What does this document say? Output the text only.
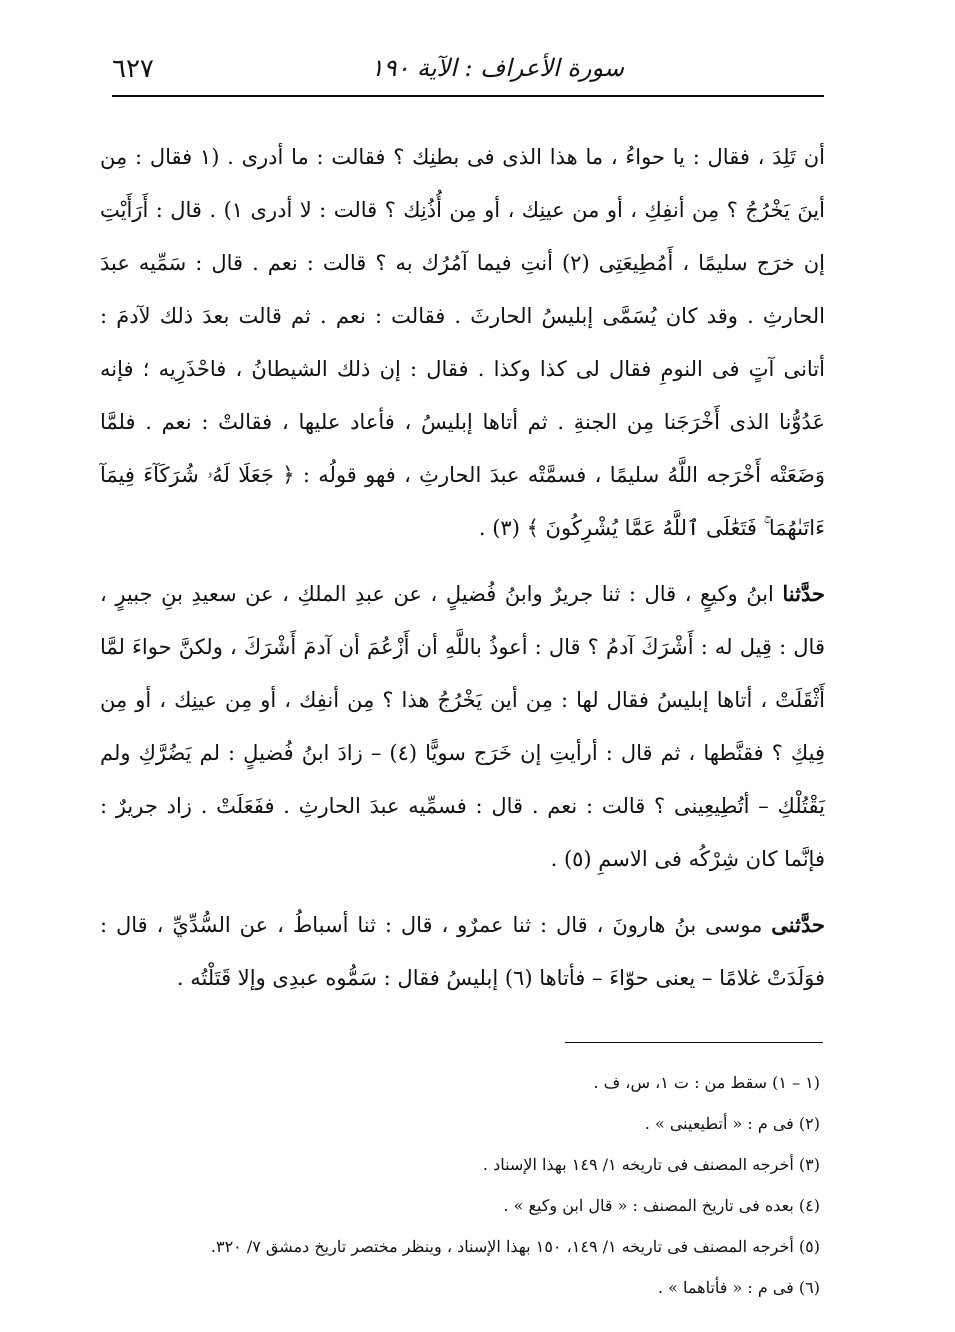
سورة الأعراف : الآية ١٩٠
٦٢٧

أن تَلِدَ ، فقال : يا حواءُ ، ما هذا الذى فى بطنِك ؟ فقالت : ما أدرى . (١ فقال : مِن أينَ يَخْرُجُ ؟ مِن أنفِكِ ، أو من عينِك ، أو مِن أُذُنِك ؟ قالت : لا أدرى ١) . قال : أَرَأَيْتِ إن خرَج سليمًا ، أَمُطِيعَتِى (٢) أنتِ فيما آمُرُك به ؟ قالت : نعم . قال : سَمِّيه عبدَ الحارثِ . وقد كان يُسَمَّى إبليسُ الحارثَ . فقالت : نعم . ثم قالت بعدَ ذلك لآدمَ : أتانى آتٍ فى النومِ فقال لى كذا وكذا . فقال : إن ذلك الشيطانُ ، فاحْذَرِيه ؛ فإنه عَدُوُّنا الذى أَخْرَجَنا مِن الجنةِ . ثم أتاها إبليسُ ، فأعاد عليها ، فقالتْ : نعم . فلمَّا وَضَعَتْه أَخْرَجه اللَّهُ سليمًا ، فسمَّتْه عبدَ الحارثِ ، فهو قولُه : ﴿ جَعَلَا لَهُۥ شُرَكَآءَ فِيمَآ ءَاتَىٰهُمَا ۚ فَتَعَٰلَى ٱللَّهُ عَمَّا يُشْرِكُونَ ﴾ (٣) .

حدَّثنا ابنُ وكيعٍ ، قال : ثنا جريرٌ وابنُ فُضيلٍ ، عن عبدِ الملكِ ، عن سعيدِ بنِ جبيرٍ ، قال : قِيل له : أَشْرَكَ آدمُ ؟ قال : أعوذُ باللَّهِ أن أَزْعُمَ أن آدمَ أَشْرَكَ ، ولكنَّ حواءَ لمَّا أَثْقَلَتْ ، أتاها إبليسُ فقال لها : مِن أين يَخْرُجُ هذا ؟ مِن أنفِك ، أو مِن عينِك ، أو مِن فِيكِ ؟ فقنَّطها ، ثم قال : أرأيتِ إن خَرَج سويًّا (٤) – زادَ ابنُ فُضيلٍ : لم يَضُرَّكِ ولم يَقْتُلْكِ – أتُطِيعِينى ؟ قالت : نعم . قال : فسمِّيه عبدَ الحارثِ . ففَعَلَتْ . زاد جريرٌ : فإنَّما كان شِرْكُه فى الاسمِ (٥) .

حدَّثنى موسى بنُ هارونَ ، قال : ثنا عمرٌو ، قال : ثنا أسباطُ ، عن السُّدِّيِّ ، قال : فوَلَدَتْ غلامًا – يعنى حوّاءَ – فأتاها (٦) إبليسُ فقال : سَمُّوه عبدِى وإلا قَتَلْتُه .

(١ – ١) سقط من : ت ١، س، ف .
(٢) فى م : « أتطيعينى » .
(٣) أخرجه المصنف فى تاريخه ١/ ١٤٩ بهذا الإسناد .
(٤) بعده فى تاريخ المصنف : « قال ابن وكيع » .
(٥) أخرجه المصنف فى تاريخه ١/ ١٤٩، ١٥٠ بهذا الإسناد ، وينظر مختصر تاريخ دمشق ٧/ ٣٢٠.
(٦) فى م : « فأتاهما » .
